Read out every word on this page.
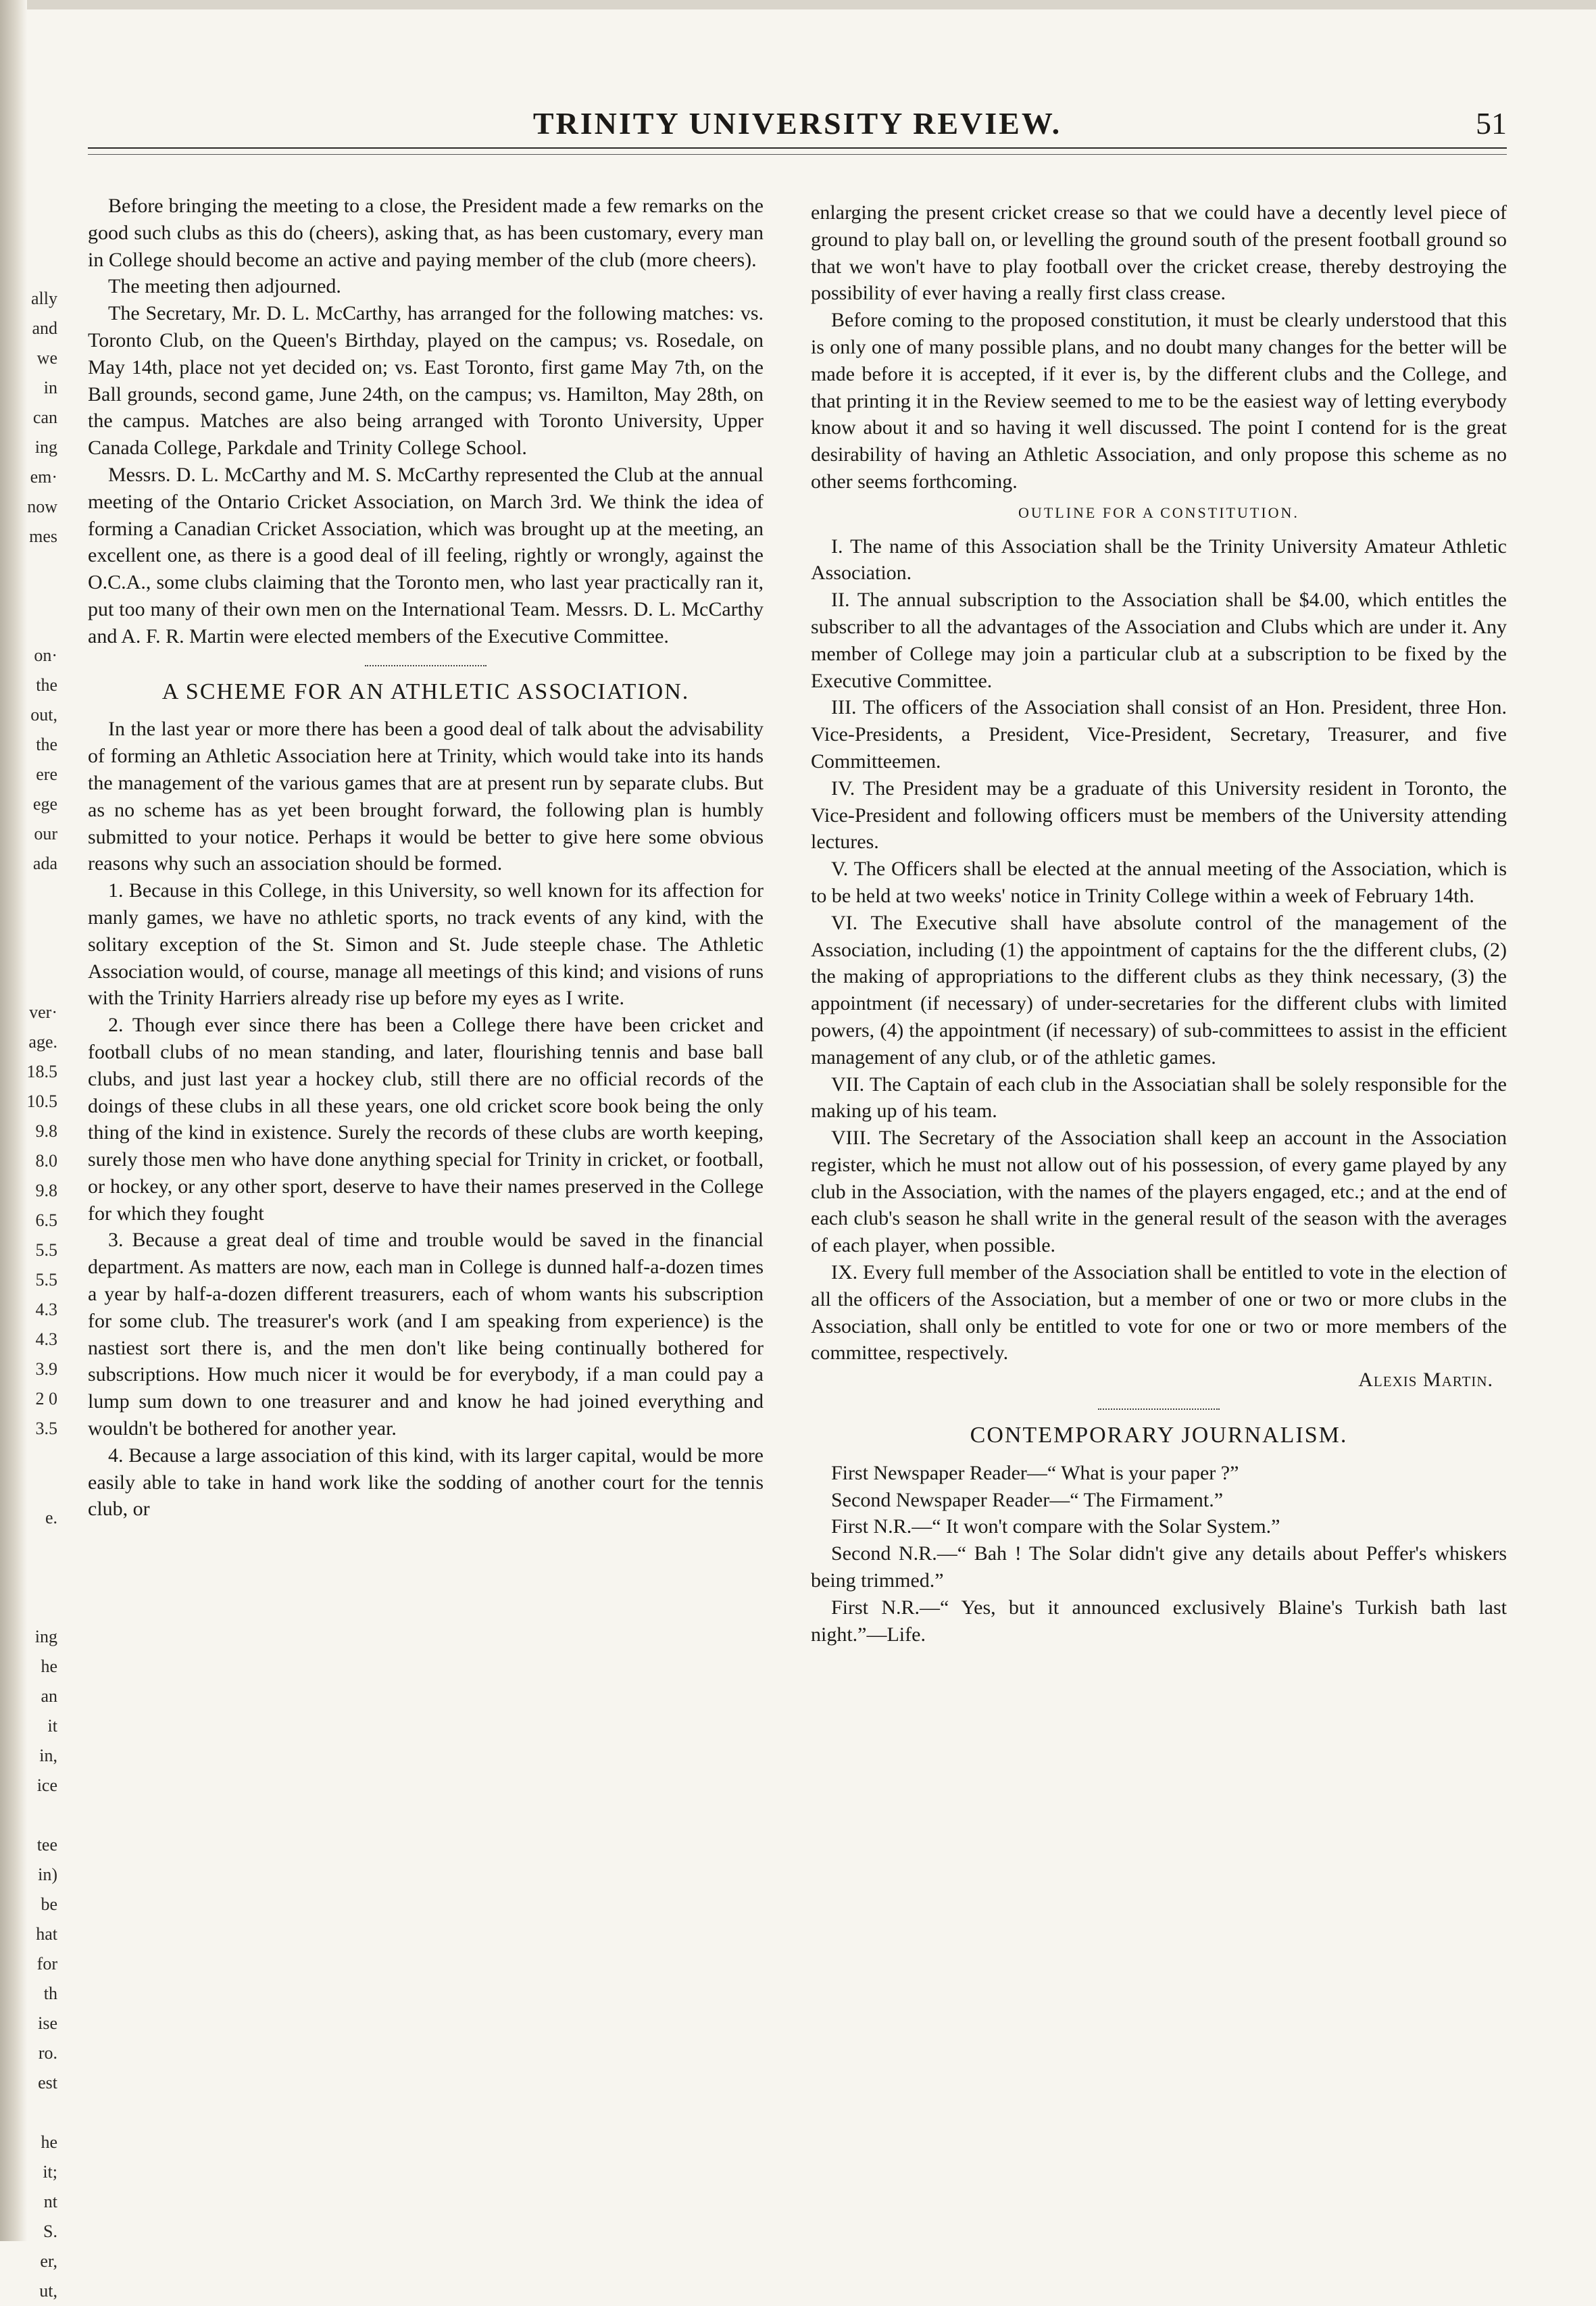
ally
and
we
in
can
ing
em·
now
mes
on·
the
out,
the
ere
ege
our
ada
ver·
age.
18.5
10.5
9.8
8.0
9.8
6.5
5.5
5.5
4.3
4.3
3.9
2 0
3.5
e.
ing
he
an
it
in,
ice
tee
in)
be
hat
for
th
ise
ro.
est
he
it;
nt
S.
er,
ut,
TRINITY UNIVERSITY REVIEW.	51

Before bringing the meeting to a close, the President made a few remarks on the good such clubs as this do (cheers), asking that, as has been customary, every man in College should become an active and paying member of the club (more cheers).

The meeting then adjourned.

The Secretary, Mr. D. L. McCarthy, has arranged for the following matches: vs. Toronto Club, on the Queen's Birthday, played on the campus; vs. Rosedale, on May 14th, place not yet decided on; vs. East Toronto, first game May 7th, on the Ball grounds, second game, June 24th, on the campus; vs. Hamilton, May 28th, on the campus. Matches are also being arranged with Toronto University, Upper Canada College, Parkdale and Trinity College School.

Messrs. D. L. McCarthy and M. S. McCarthy represented the Club at the annual meeting of the Ontario Cricket Association, on March 3rd. We think the idea of forming a Canadian Cricket Association, which was brought up at the meeting, an excellent one, as there is a good deal of ill feeling, rightly or wrongly, against the O.C.A., some clubs claiming that the Toronto men, who last year practically ran it, put too many of their own men on the International Team. Messrs. D. L. McCarthy and A. F. R. Martin were elected members of the Executive Committee.

A SCHEME FOR AN ATHLETIC ASSOCIATION.

In the last year or more there has been a good deal of talk about the advisability of forming an Athletic Association here at Trinity, which would take into its hands the management of the various games that are at present run by separate clubs. But as no scheme has as yet been brought forward, the following plan is humbly submitted to your notice. Perhaps it would be better to give here some obvious reasons why such an association should be formed.

1. Because in this College, in this University, so well known for its affection for manly games, we have no athletic sports, no track events of any kind, with the solitary exception of the St. Simon and St. Jude steeple chase. The Athletic Association would, of course, manage all meetings of this kind; and visions of runs with the Trinity Harriers already rise up before my eyes as I write.

2. Though ever since there has been a College there have been cricket and football clubs of no mean standing, and later, flourishing tennis and base ball clubs, and just last year a hockey club, still there are no official records of the doings of these clubs in all these years, one old cricket score book being the only thing of the kind in existence. Surely the records of these clubs are worth keeping, surely those men who have done anything special for Trinity in cricket, or football, or hockey, or any other sport, deserve to have their names preserved in the College for which they fought

3. Because a great deal of time and trouble would be saved in the financial department. As matters are now, each man in College is dunned half-a-dozen times a year by half-a-dozen different treasurers, each of whom wants his subscription for some club. The treasurer's work (and I am speaking from experience) is the nastiest sort there is, and the men don't like being continually bothered for subscriptions. How much nicer it would be for everybody, if a man could pay a lump sum down to one treasurer and and know he had joined everything and wouldn't be bothered for another year.

4. Because a large association of this kind, with its larger capital, would be more easily able to take in hand work like the sodding of another court for the tennis club, or

enlarging the present cricket crease so that we could have a decently level piece of ground to play ball on, or levelling the ground south of the present football ground so that we won't have to play football over the cricket crease, thereby destroying the possibility of ever having a really first class crease.

Before coming to the proposed constitution, it must be clearly understood that this is only one of many possible plans, and no doubt many changes for the better will be made before it is accepted, if it ever is, by the different clubs and the College, and that printing it in the Review seemed to me to be the easiest way of letting everybody know about it and so having it well discussed. The point I contend for is the great desirability of having an Athletic Association, and only propose this scheme as no other seems forthcoming.

OUTLINE FOR A CONSTITUTION.

I. The name of this Association shall be the Trinity University Amateur Athletic Association.

II. The annual subscription to the Association shall be $4.00, which entitles the subscriber to all the advantages of the Association and Clubs which are under it. Any member of College may join a particular club at a subscription to be fixed by the Executive Committee.

III. The officers of the Association shall consist of an Hon. President, three Hon. Vice-Presidents, a President, Vice-President, Secretary, Treasurer, and five Committeemen.

IV. The President may be a graduate of this University resident in Toronto, the Vice-President and following officers must be members of the University attending lectures.

V. The Officers shall be elected at the annual meeting of the Association, which is to be held at two weeks' notice in Trinity College within a week of February 14th.

VI. The Executive shall have absolute control of the management of the Association, including (1) the appointment of captains for the the different clubs, (2) the making of appropriations to the different clubs as they think necessary, (3) the appointment (if necessary) of under-secretaries for the different clubs with limited powers, (4) the appointment (if necessary) of sub-committees to assist in the efficient management of any club, or of the athletic games.

VII. The Captain of each club in the Associatian shall be solely responsible for the making up of his team.

VIII. The Secretary of the Association shall keep an account in the Association register, which he must not allow out of his possession, of every game played by any club in the Association, with the names of the players engaged, etc.; and at the end of each club's season he shall write in the general result of the season with the averages of each player, when possible.

IX. Every full member of the Association shall be entitled to vote in the election of all the officers of the Association, but a member of one or two or more clubs in the Association, shall only be entitled to vote for one or two or more members of the committee, respectively.

Alexis Martin.
CONTEMPORARY JOURNALISM.

First Newspaper Reader—“ What is your paper ?”

Second Newspaper Reader—“ The Firmament.”

First N.R.—“ It won't compare with the Solar System.”

Second N.R.—“ Bah ! The Solar didn't give any details about Peffer's whiskers being trimmed.”

First N.R.—“ Yes, but it announced exclusively Blaine's Turkish bath last night.”—Life.
